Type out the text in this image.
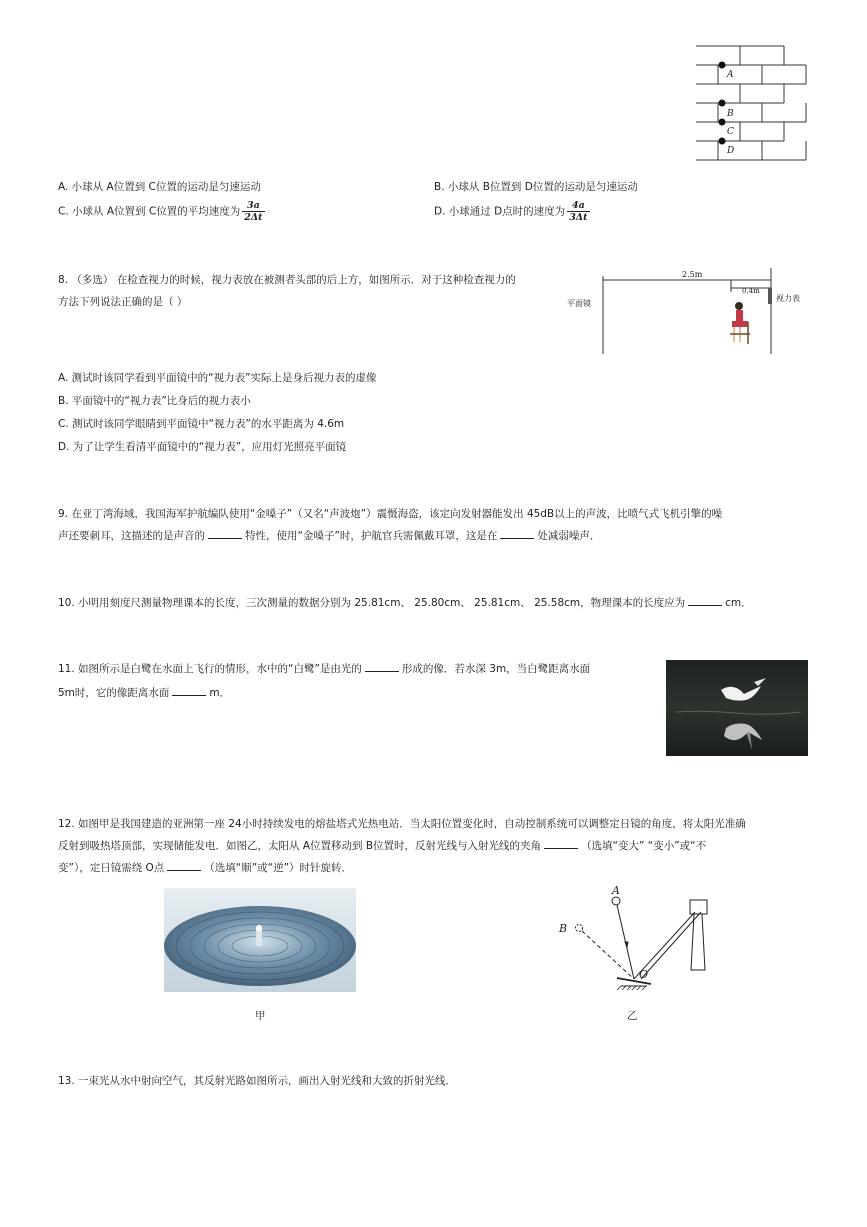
A
B
C
D
A. 小球从 A位置到 C位置的运动是匀速运动	B. 小球从 B位置到 D位置的运动是匀速运动
C. 小球从 A位置到 C位置的平均速度为 $\frac{3a}{2\Delta t}$	D. 小球通过 D点时的速度为 $\frac{4a}{3\Delta t}$
8. （多选） 在检查视力的时候，视力表放在被测者头部的后上方，如图所示．对于这种检查视力的
方法下列说法正确的是（ ）	平面镜
视力表
2.5m
0.4m
A. 测试时该同学看到平面镜中的“视力表”实际上是身后视力表的虚像
B. 平面镜中的“视力表”比身后的视力表小
C. 测试时该同学眼睛到平面镜中“视力表”的水平距离为 4.6m
D. 为了让学生看清平面镜中的“视力表”，应用灯光照亮平面镜
9. 在亚丁湾海域，我国海军护航编队使用“金嗓子”（又名“声波炮”）震慑海盗，该定向发射器能发出 45dB以上的声波，比喷气式飞机引擎的噪
声还要刺耳，这描述的是声音的	特性，使用“金嗓子”时，护航官兵需佩戴耳罩，这是在	处减弱噪声．
10. 小明用刻度尺测量物理课本的长度，三次测量的数据分别为 25.81cm、 25.80cm、 25.81cm、 25.58cm，物理课本的长度应为	cm．
11. 如图所示是白鹭在水面上飞行的情形，水中的“白鹭”是由光的	形成的像．若水深 3m，当白鹭距离水面
5m时，它的像距离水面	m．
12. 如图甲是我国建造的亚洲第一座 24小时持续发电的熔盐塔式光热电站．当太阳位置变化时，自动控制系统可以调整定日镜的角度，将太阳光准确
反射到吸热塔顶部，实现储能发电．如图乙，太阳从 A位置移动到 B位置时，反射光线与入射光线的夹角	（选填“变大” “变小”或“不
变”），定日镜需绕 O点	（选填“顺”或“逆”）时针旋转．
甲
A
B
O
乙
13. 一束光从水中射向空气，其反射光路如图所示，画出入射光线和大致的折射光线．
